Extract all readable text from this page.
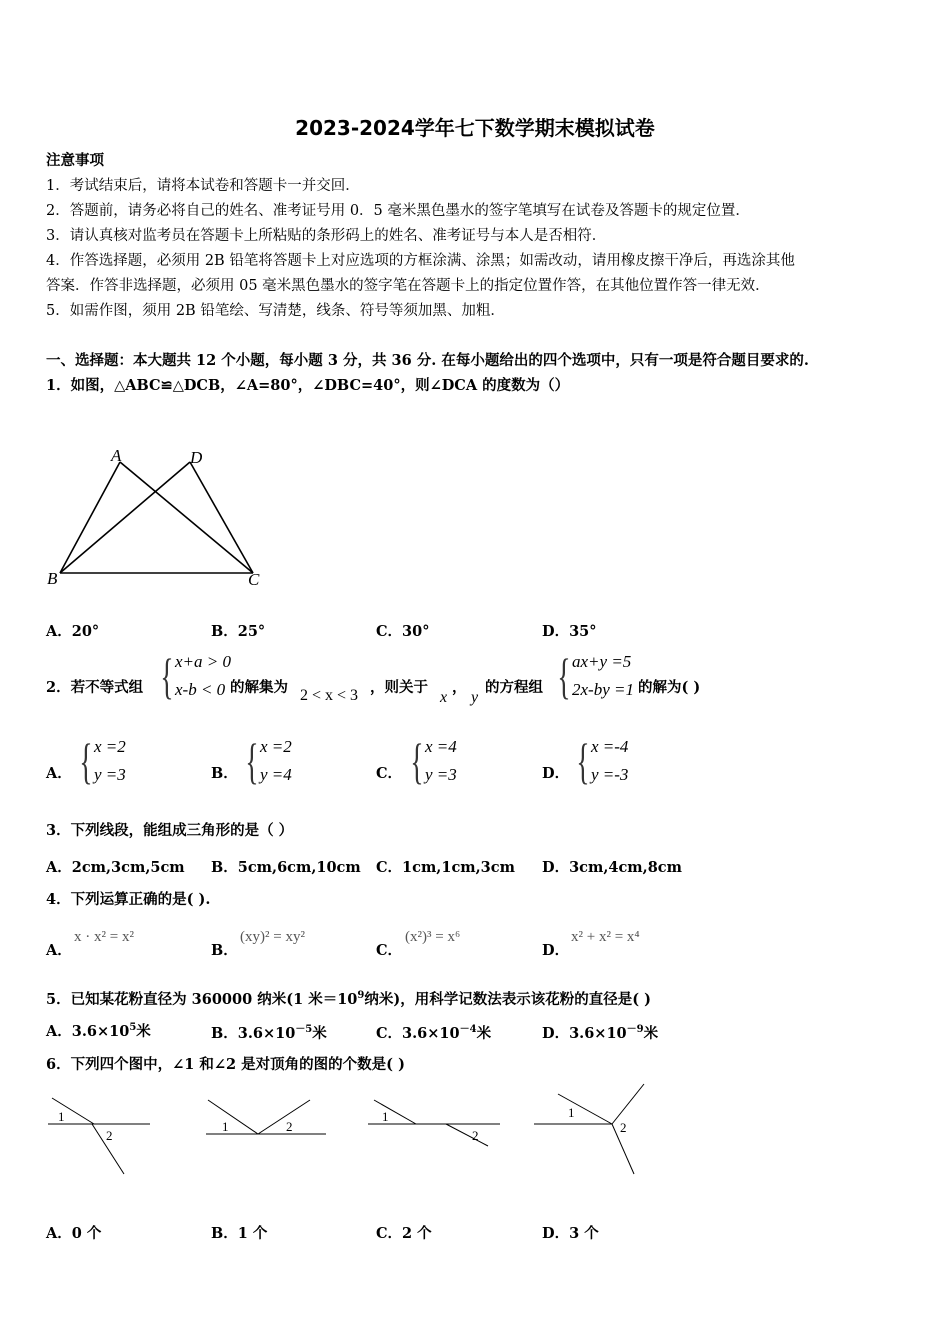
2023-2024学年七下数学期末模拟试卷
注意事项
1．考试结束后，请将本试卷和答题卡一并交回．
2．答题前，请务必将自己的姓名、准考证号用 0．5 毫米黑色墨水的签字笔填写在试卷及答题卡的规定位置．
3．请认真核对监考员在答题卡上所粘贴的条形码上的姓名、准考证号与本人是否相符．
4．作答选择题，必须用 2B 铅笔将答题卡上对应选项的方框涂满、涂黑；如需改动，请用橡皮擦干净后，再选涂其他
答案．作答非选择题，必须用 05 毫米黑色墨水的签字笔在答题卡上的指定位置作答，在其他位置作答一律无效．
5．如需作图，须用 2B 铅笔绘、写清楚，线条、符号等须加黑、加粗．
一、选择题：本大题共 12 个小题，每小题 3 分，共 36 分. 在每小题给出的四个选项中，只有一项是符合题目要求的.
1．如图，△ABC≌△DCB，∠A=80°，∠DBC=40°，则∠DCA 的度数为（）
A	D
B	C
A．20°	B．25°	C．30°	D．35°
2．若不等式组 { x+a > 0
x-b < 0 的解集为 2 < x < 3 ，则关于
x
，
y
的方程组 { ax+y =5
2x-by =1 的解为( )
A． { x =2
y =3	B． { x =2
y =4	C． { x =4
y =3	D． { x =-4
y =-3
3．下列线段，能组成三角形的是（ ）
A．2cm,3cm,5cm B．5cm,6cm,10cm C．1cm,1cm,3cm D．3cm,4cm,8cm
4．下列运算正确的是( ).
A．
x · x² = x²
B．
(xy)² = xy²
C．
(x²)³ = x⁶
D．
x² + x² = x⁴
5．已知某花粉直径为 360000 纳米(1 米$=10^9$纳米)，用科学记数法表示该花粉的直径是( )
A．$3.6\times 10^5$米	B．$3.6\times 10^{-5}$米	C．$3.6\times 10^{-4}$米	D．$3.6\times 10^{-9}$米
6．下列四个图中，∠1 和∠2 是对顶角的图的个数是( )
1
2
1	2
1
2
1
2
A．0 个	B．1 个	C．2 个	D．3 个
